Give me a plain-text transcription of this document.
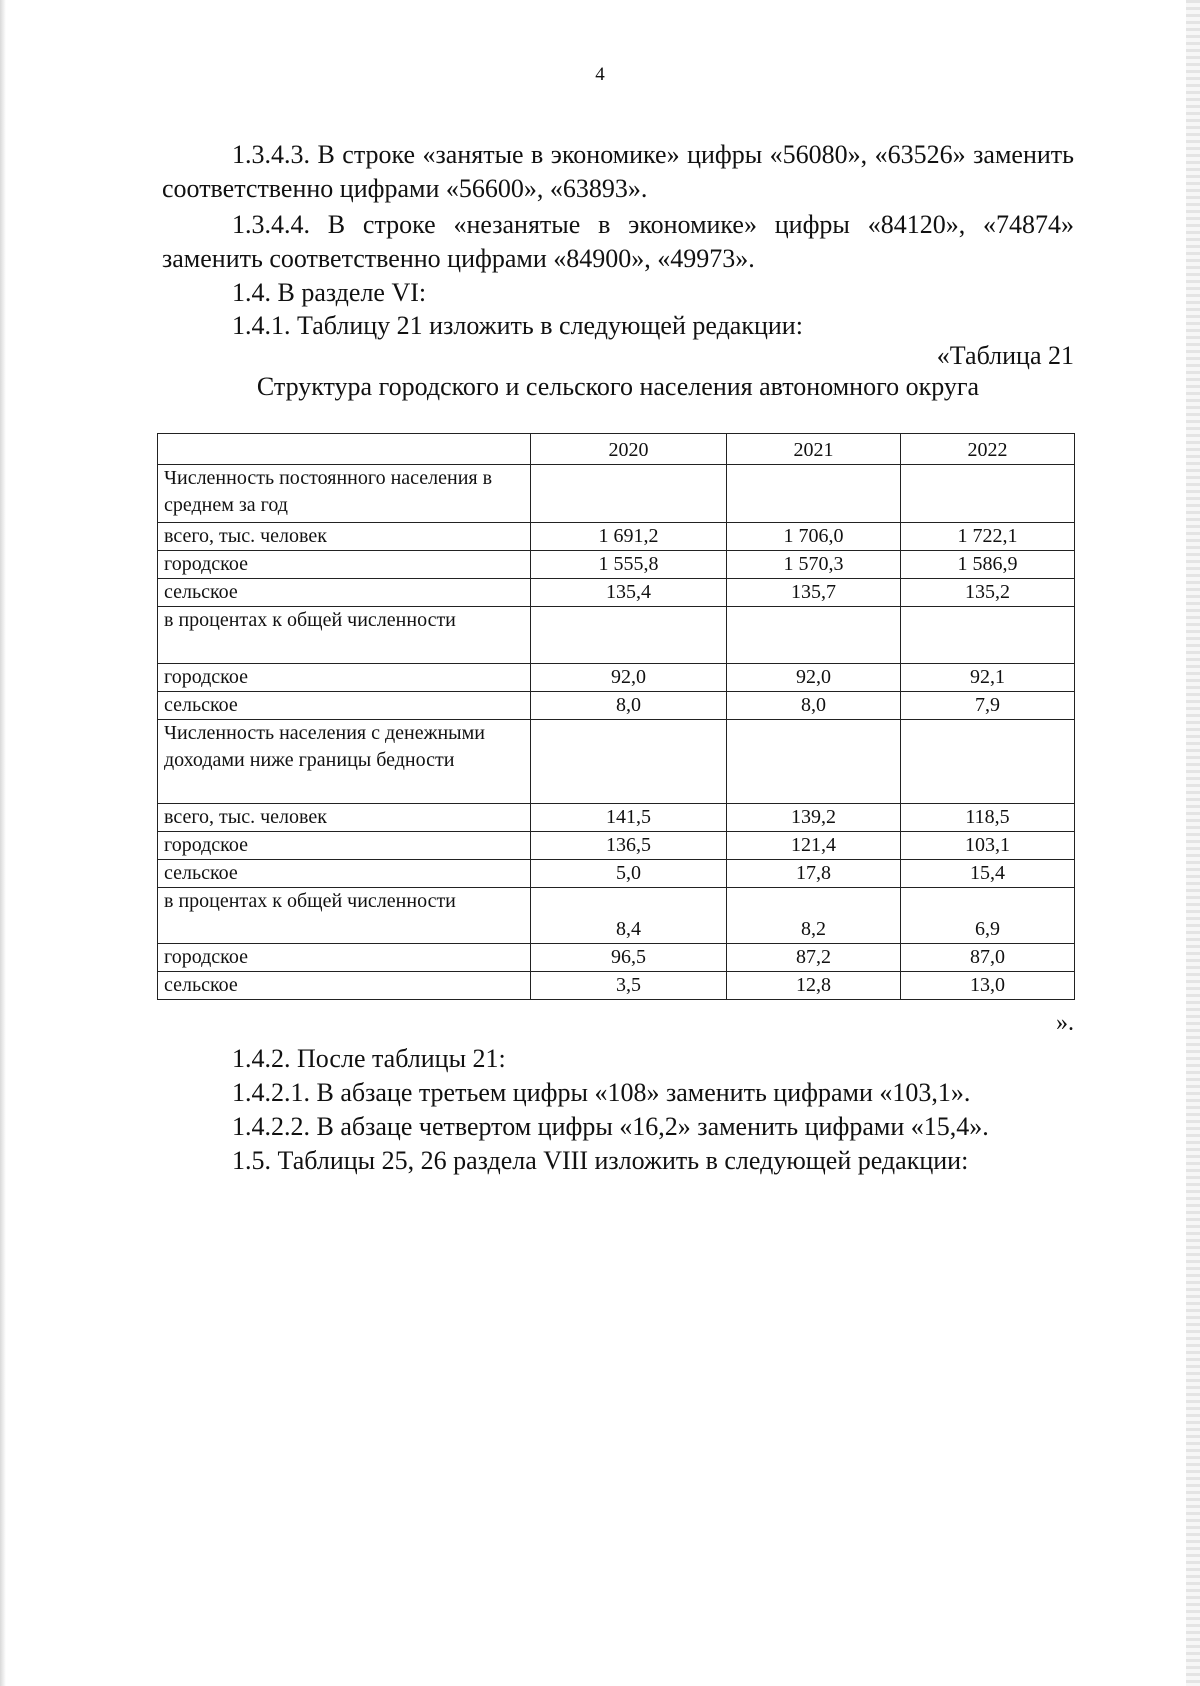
4

1.3.4.3. В строке «занятые в экономике» цифры «56080», «63526» заменить соответственно цифрами «56600», «63893».

1.3.4.4. В строке «незанятые в экономике» цифры «84120», «74874» заменить соответственно цифрами «84900», «49973».

1.4. В разделе VI:

1.4.1. Таблицу 21 изложить в следующей редакции:

«Таблица 21

Структура городского и сельского населения автономного округа
	2020	2021	2022
Численность постоянного населения в среднем за год			
всего, тыс. человек	1 691,2	1 706,0	1 722,1
городское	1 555,8	1 570,3	1 586,9
сельское	135,4	135,7	135,2
в процентах к общей численности			
городское	92,0	92,0	92,1
сельское	8,0	8,0	7,9
Численность населения с денежными доходами ниже границы бедности			
всего, тыс. человек	141,5	139,2	118,5
городское	136,5	121,4	103,1
сельское	5,0	17,8	15,4
в процентах к общей численности	8,4	8,2	6,9
городское	96,5	87,2	87,0
сельское	3,5	12,8	13,0
».

1.4.2. После таблицы 21:

1.4.2.1. В абзаце третьем цифры «108» заменить цифрами «103,1».

1.4.2.2. В абзаце четвертом цифры «16,2» заменить цифрами «15,4».

1.5. Таблицы 25, 26 раздела VIII изложить в следующей редакции:
